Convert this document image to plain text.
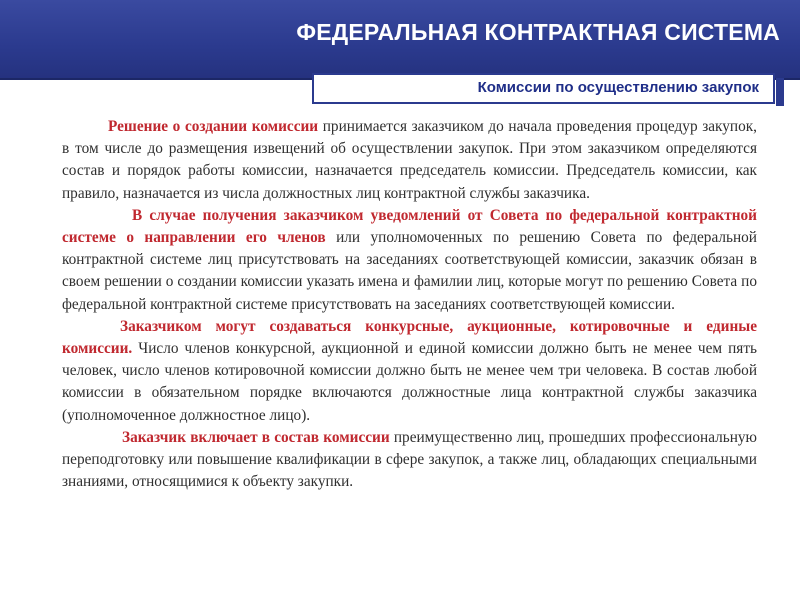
ФЕДЕРАЛЬНАЯ КОНТРАКТНАЯ СИСТЕМА
Комиссии по осуществлению закупок

Решение о создании комиссии принимается заказчиком до начала проведения процедур закупок, в том числе до размещения извещений об осуществлении закупок. При этом заказчиком определяются состав и порядок работы комиссии, назначается председатель комиссии. Председатель комиссии, как правило, назначается из числа должностных лиц контрактной службы заказчика.

В случае получения заказчиком уведомлений от Совета по федеральной контрактной системе о направлении его членов или уполномоченных по решению Совета по федеральной контрактной системе лиц присутствовать на заседаниях соответствующей комиссии, заказчик обязан в своем решении о создании комиссии указать имена и фамилии лиц, которые могут по решению Совета по федеральной контрактной системе присутствовать на заседаниях соответствующей комиссии.

Заказчиком могут создаваться конкурсные, аукционные, котировочные и единые комиссии. Число членов конкурсной, аукционной и единой комиссии должно быть не менее чем пять человек, число членов котировочной комиссии должно быть не менее чем три человека. В состав любой комиссии в обязательном порядке включаются должностные лица контрактной службы заказчика (уполномоченное должностное лицо).

Заказчик включает в состав комиссии преимущественно лиц, прошедших профессиональную переподготовку или повышение квалификации в сфере закупок, а также лиц, обладающих специальными знаниями, относящимися к объекту закупки.
